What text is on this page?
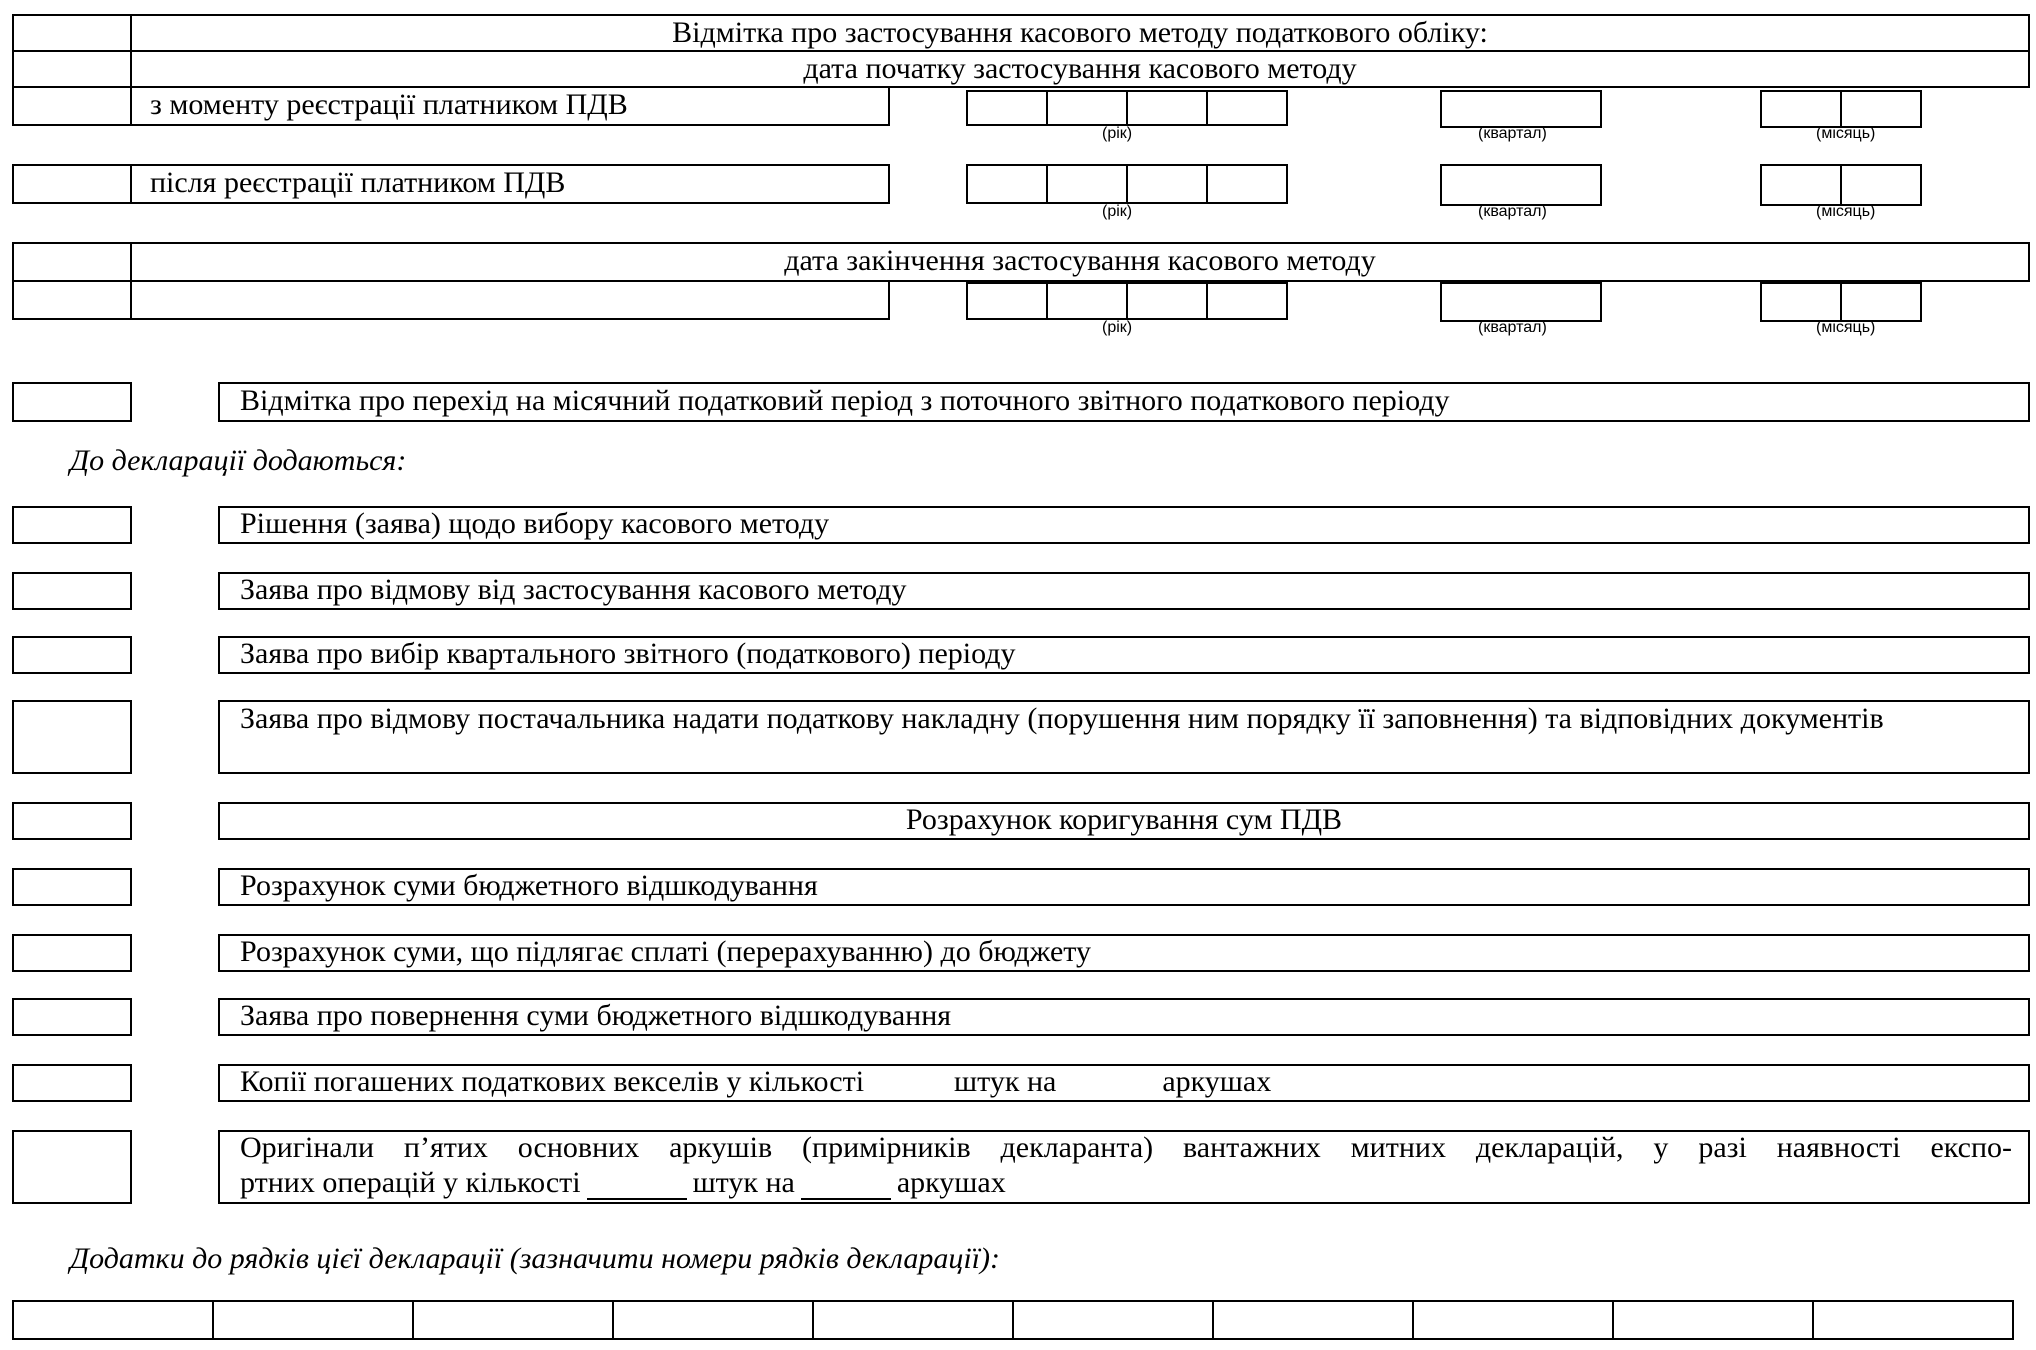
Відмітка про застосування касового методу податкового обліку:
дата початку застосування касового методу
з моменту реєстрації платником ПДВ
(рік)	(квартал)	(місяць)
після реєстрації платником ПДВ
(рік)	(квартал)	(місяць)
дата закінчення застосування касового методу
(рік)	(квартал)	(місяць)
Відмітка про перехід на місячний податковий період з поточного звітного податкового періоду
До декларації додаються:
Рішення (заява) щодо вибору касового методу
Заява про відмову від застосування касового методу
Заява про вибір квартального звітного (податкового) періоду
Заява про відмову постачальника надати податкову накладну (порушення ним порядку її заповнення) та відповідних документів
Розрахунок коригування сум ПДВ
Розрахунок суми бюджетного відшкодування
Розрахунок суми, що підлягає сплаті (перерахуванню) до бюджету
Заява про повернення суми бюджетного відшкодування
Копії погашених податкових векселів у кількості	штук на	аркушах
Оригінали п’ятих основних аркушів (примірників декларанта) вантажних митних декларацій, у разі наявності експо-
ртних операцій у кількості	штук на	аркушах
Додатки до рядків цієї декларації (зазначити номери рядків декларації):
